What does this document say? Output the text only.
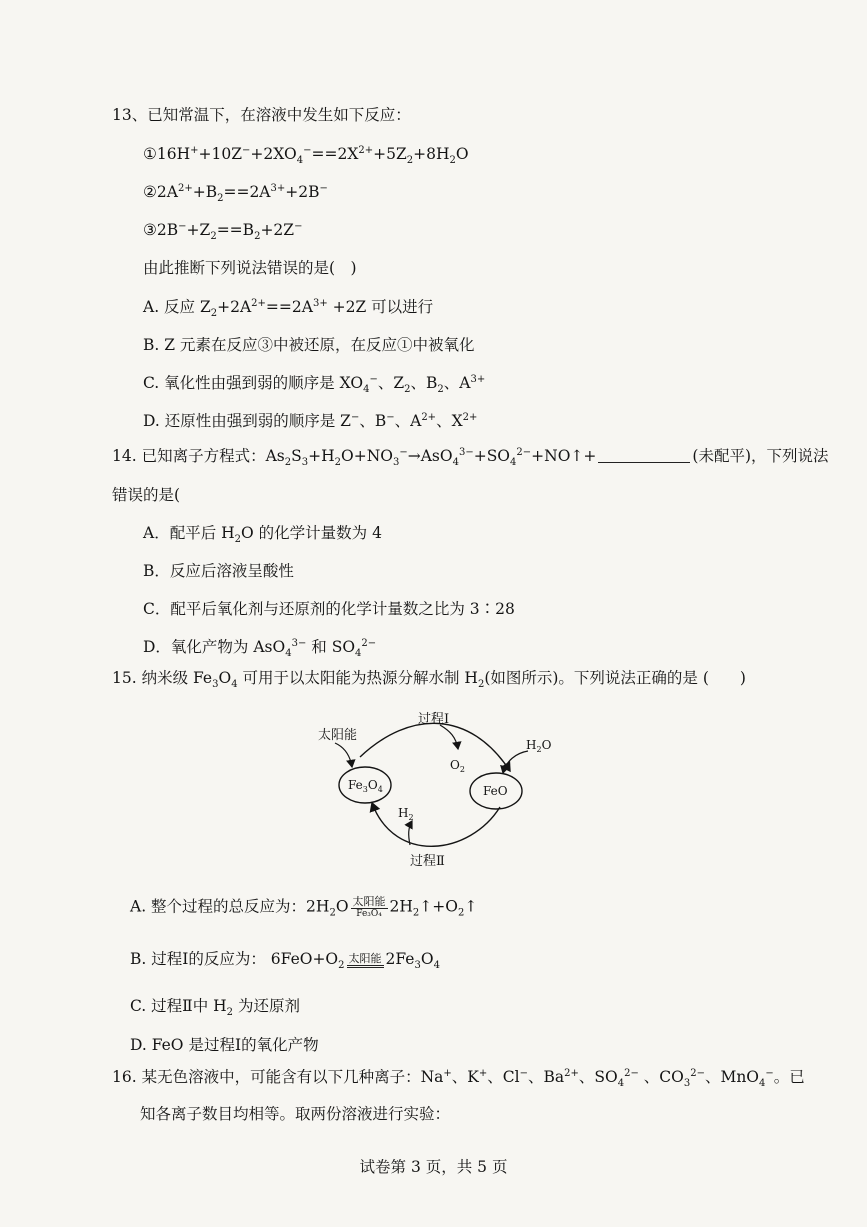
13、已知常温下，在溶液中发生如下反应：
$①16H^++10Z^-+2XO_4^-==2X^{2+}+5Z_2+8H_2O$
$②2A^{2+}+B_2==2A^{3+}+2B^-$
$③2B^-+Z_2==B_2+2Z^-$
由此推断下列说法错误的是(　)
A. 反应 $Z_2+2A^{2+}==2A^{3+} +2Z$ 可以进行
B. Z 元素在反应③中被还原，在反应①中被氧化
C. 氧化性由强到弱的顺序是 $XO_4^-$、$Z_2$、$B_2$、$A^{3+}$
D. 还原性由强到弱的顺序是 Z−、B−、$A^{2+}$、$X^{2+}$
14. 已知离子方程式：$As_2S_3+H_2O+NO_3^-\to AsO_4^{3-}+SO_4^{2-}+NO↑+$	(未配平)，下列说法
错误的是(
A．配平后 $H_2O$ 的化学计量数为 4
B．反应后溶液呈酸性
C．配平后氧化剂与还原剂的化学计量数之比为 3∶28
D．氧化产物为 AsO$_4^{3-}$ 和 $SO_4^{2-}$
15. 纳米级 $Fe_3O_4$ 可用于以太阳能为热源分解水制 $H_2$(如图所示)。下列说法正确的是 (　　)
太阳能
过程Ⅰ
过程Ⅱ
$O_2$
$H_2O$
$H_2$
$Fe_3O_4$	FeO
A. 整个过程的总反应为：$2H_2O \frac{\text{太阳能}}{\text{Fe₃O₄}}$ $2H_2↑+O_2↑$
B. 过程Ⅰ的反应为： $6FeO+O_2$
太阳能 $2Fe_3O_4$
C. 过程Ⅱ中 $H_2$ 为还原剂
D. FeO 是过程Ⅰ的氧化产物
16. 某无色溶液中，可能含有以下几种离子：Na+、K+、Cl−、$Ba^{2+}$、$SO_4^{2-}$ 、$CO_3^{2-}$、MnO$_4$−。已
知各离子数目均相等。取两份溶液进行实验：
试卷第 3 页，共 5 页
